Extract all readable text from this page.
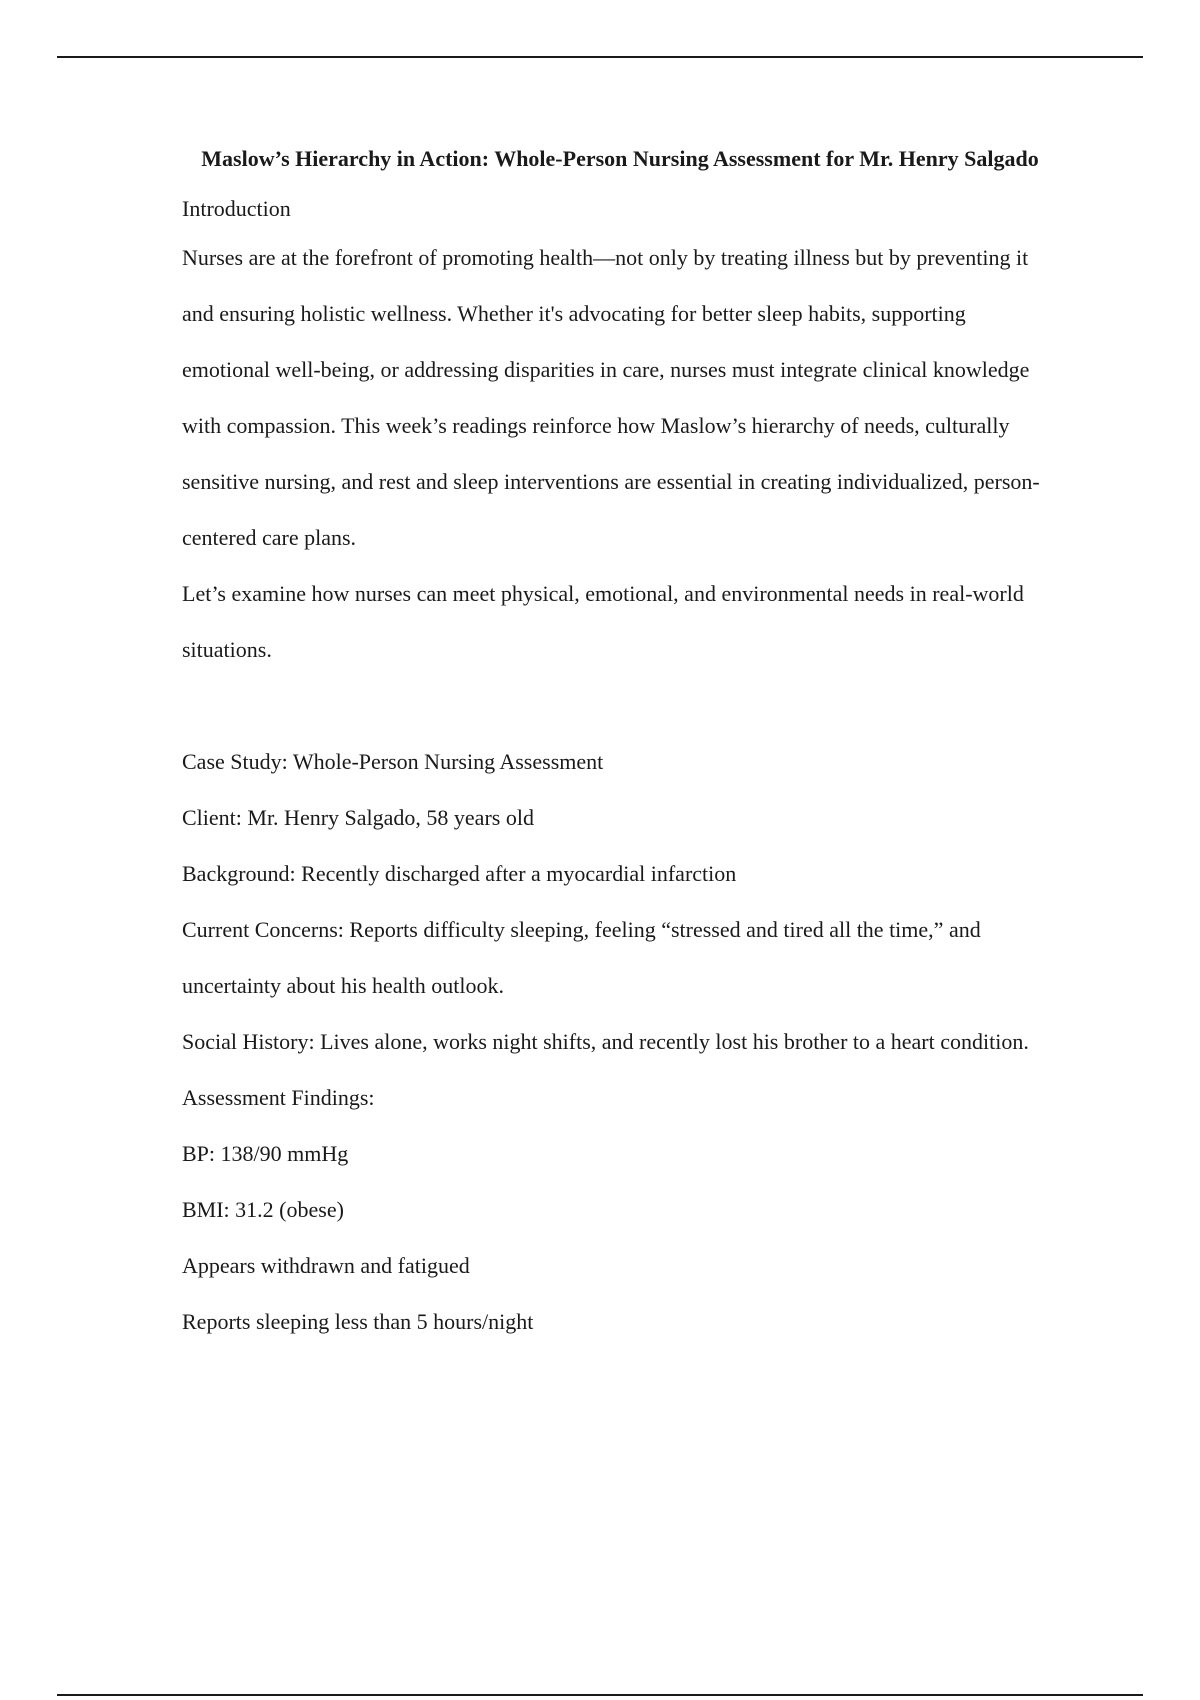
Maslow’s Hierarchy in Action: Whole-Person Nursing Assessment for Mr. Henry Salgado

Introduction

Nurses are at the forefront of promoting health—not only by treating illness but by preventing it and ensuring holistic wellness. Whether it's advocating for better sleep habits, supporting emotional well-being, or addressing disparities in care, nurses must integrate clinical knowledge with compassion. This week’s readings reinforce how Maslow’s hierarchy of needs, culturally sensitive nursing, and rest and sleep interventions are essential in creating individualized, person-centered care plans.

Let’s examine how nurses can meet physical, emotional, and environmental needs in real-world situations.

Case Study: Whole-Person Nursing Assessment

Client: Mr. Henry Salgado, 58 years old

Background: Recently discharged after a myocardial infarction

Current Concerns: Reports difficulty sleeping, feeling “stressed and tired all the time,” and uncertainty about his health outlook.

Social History: Lives alone, works night shifts, and recently lost his brother to a heart condition.

Assessment Findings:

BP: 138/90 mmHg

BMI: 31.2 (obese)

Appears withdrawn and fatigued

Reports sleeping less than 5 hours/night
